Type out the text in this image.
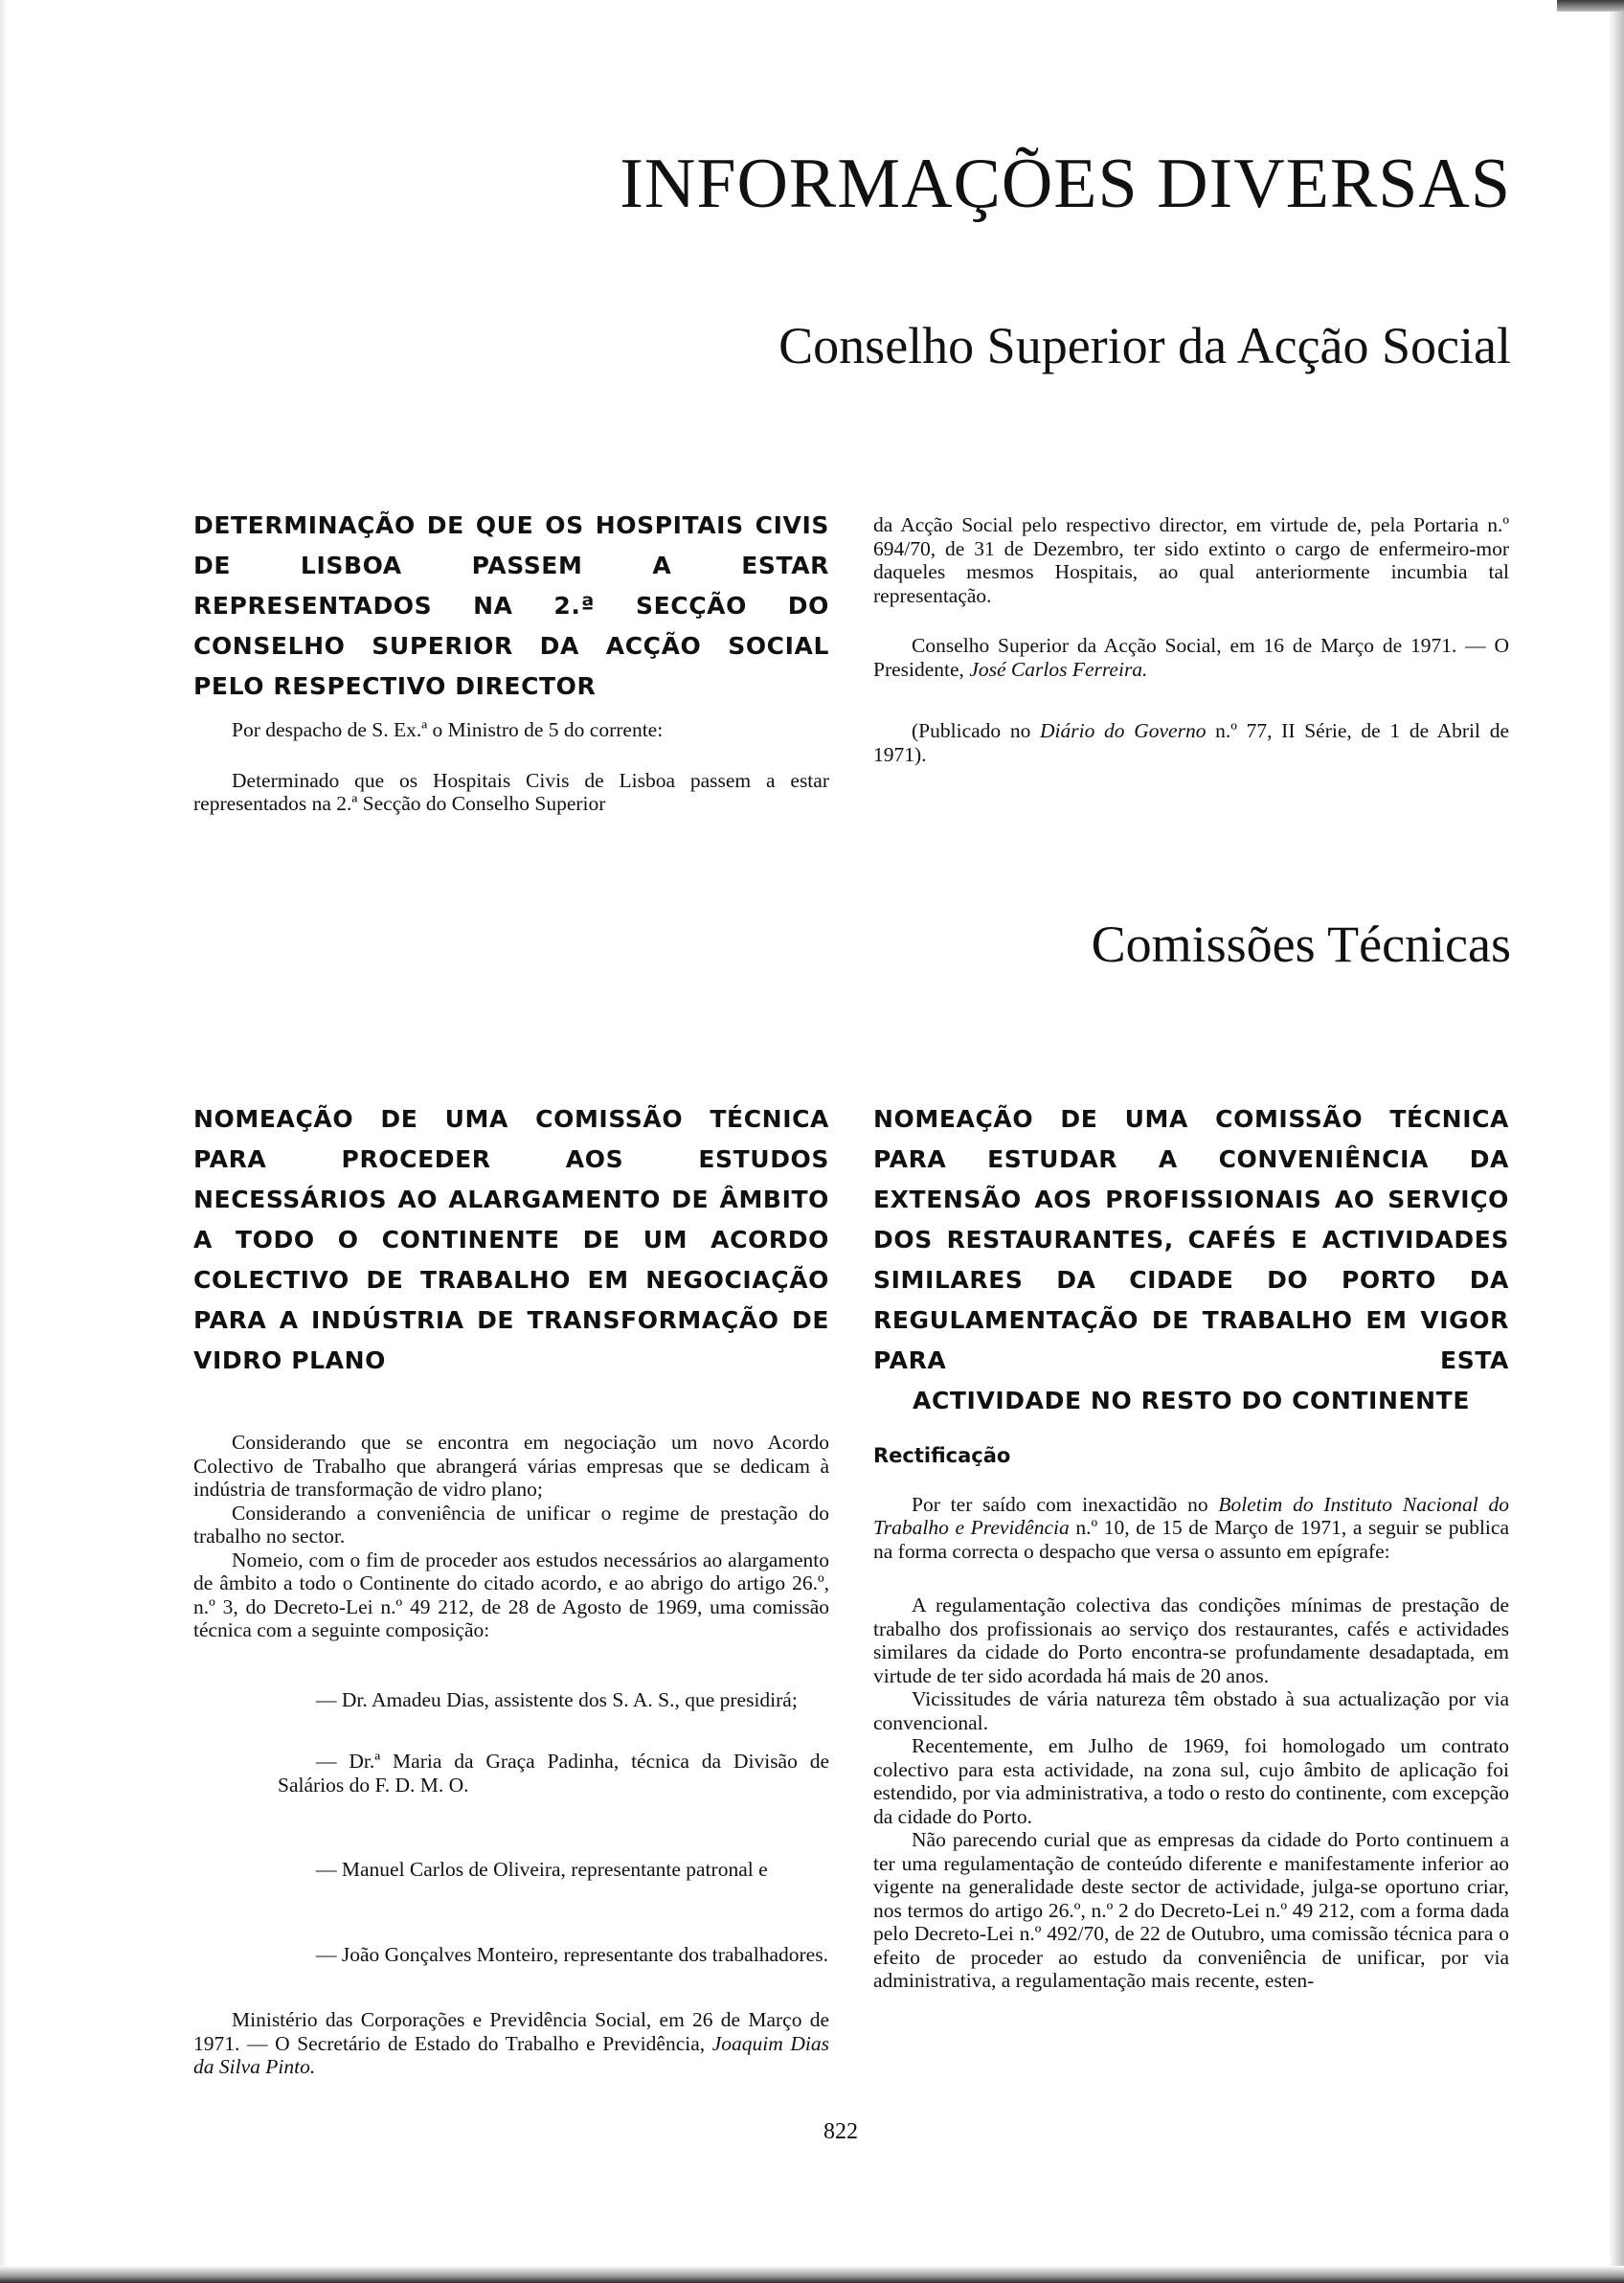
INFORMAÇÕES DIVERSAS
Conselho Superior da Acção Social

DETERMINAÇÃO DE QUE OS HOSPITAIS CIVIS DE LISBOA PASSEM A ESTAR REPRESENTADOS NA 2.ª SECÇÃO DO CONSELHO SUPERIOR DA ACÇÃO SOCIAL PELO RESPECTIVO DIRECTOR

Por despacho de S. Ex.ª o Ministro de 5 do corrente:

Determinado que os Hospitais Civis de Lisboa passem a estar representados na 2.ª Secção do Conselho Superior

da Acção Social pelo respectivo director, em virtude de, pela Portaria n.º 694/70, de 31 de Dezembro, ter sido extinto o cargo de enfermeiro-mor daqueles mesmos Hospitais, ao qual anteriormente incumbia tal representação.

Conselho Superior da Acção Social, em 16 de Março de 1971. — O Presidente, José Carlos Ferreira.

(Publicado no Diário do Governo n.º 77, II Série, de 1 de Abril de 1971).

Comissões Técnicas

NOMEAÇÃO DE UMA COMISSÃO TÉCNICA PARA PROCEDER AOS ESTUDOS NECESSÁRIOS AO ALARGAMENTO DE ÂMBITO A TODO O CONTINENTE DE UM ACORDO COLECTIVO DE TRABALHO EM NEGOCIAÇÃO PARA A INDÚSTRIA DE TRANSFORMAÇÃO DE VIDRO PLANO

Considerando que se encontra em negociação um novo Acordo Colectivo de Trabalho que abrangerá várias empresas que se dedicam à indústria de transformação de vidro plano;

Considerando a conveniência de unificar o regime de prestação do trabalho no sector.

Nomeio, com o fim de proceder aos estudos necessários ao alargamento de âmbito a todo o Continente do citado acordo, e ao abrigo do artigo 26.º, n.º 3, do Decreto-Lei n.º 49 212, de 28 de Agosto de 1969, uma comissão técnica com a seguinte composição:

— Dr. Amadeu Dias, assistente dos S. A. S., que presidirá;

— Dr.ª Maria da Graça Padinha, técnica da Divisão de Salários do F. D. M. O.

— Manuel Carlos de Oliveira, representante patronal e

— João Gonçalves Monteiro, representante dos trabalhadores.

Ministério das Corporações e Previdência Social, em 26 de Março de 1971. — O Secretário de Estado do Trabalho e Previdência, Joaquim Dias da Silva Pinto.

NOMEAÇÃO DE UMA COMISSÃO TÉCNICA PARA ESTUDAR A CONVENIÊNCIA DA EXTENSÃO AOS PROFISSIONAIS AO SERVIÇO DOS RESTAURANTES, CAFÉS E ACTIVIDADES SIMILARES DA CIDADE DO PORTO DA REGULAMENTAÇÃO DE TRABALHO EM VIGOR PARA ESTA

ACTIVIDADE NO RESTO DO CONTINENTE

Rectificação

Por ter saído com inexactidão no Boletim do Instituto Nacional do Trabalho e Previdência n.º 10, de 15 de Março de 1971, a seguir se publica na forma correcta o despacho que versa o assunto em epígrafe:

A regulamentação colectiva das condições mínimas de prestação de trabalho dos profissionais ao serviço dos restaurantes, cafés e actividades similares da cidade do Porto encontra-se profundamente desadaptada, em virtude de ter sido acordada há mais de 20 anos.

Vicissitudes de vária natureza têm obstado à sua actualização por via convencional.

Recentemente, em Julho de 1969, foi homologado um contrato colectivo para esta actividade, na zona sul, cujo âmbito de aplicação foi estendido, por via administrativa, a todo o resto do continente, com excepção da cidade do Porto.

Não parecendo curial que as empresas da cidade do Porto continuem a ter uma regulamentação de conteúdo diferente e manifestamente inferior ao vigente na generalidade deste sector de actividade, julga-se oportuno criar, nos termos do artigo 26.º, n.º 2 do Decreto-Lei n.º 49 212, com a forma dada pelo Decreto-Lei n.º 492/70, de 22 de Outubro, uma comissão técnica para o efeito de proceder ao estudo da conveniência de unificar, por via administrativa, a regulamentação mais recente, esten-

822
